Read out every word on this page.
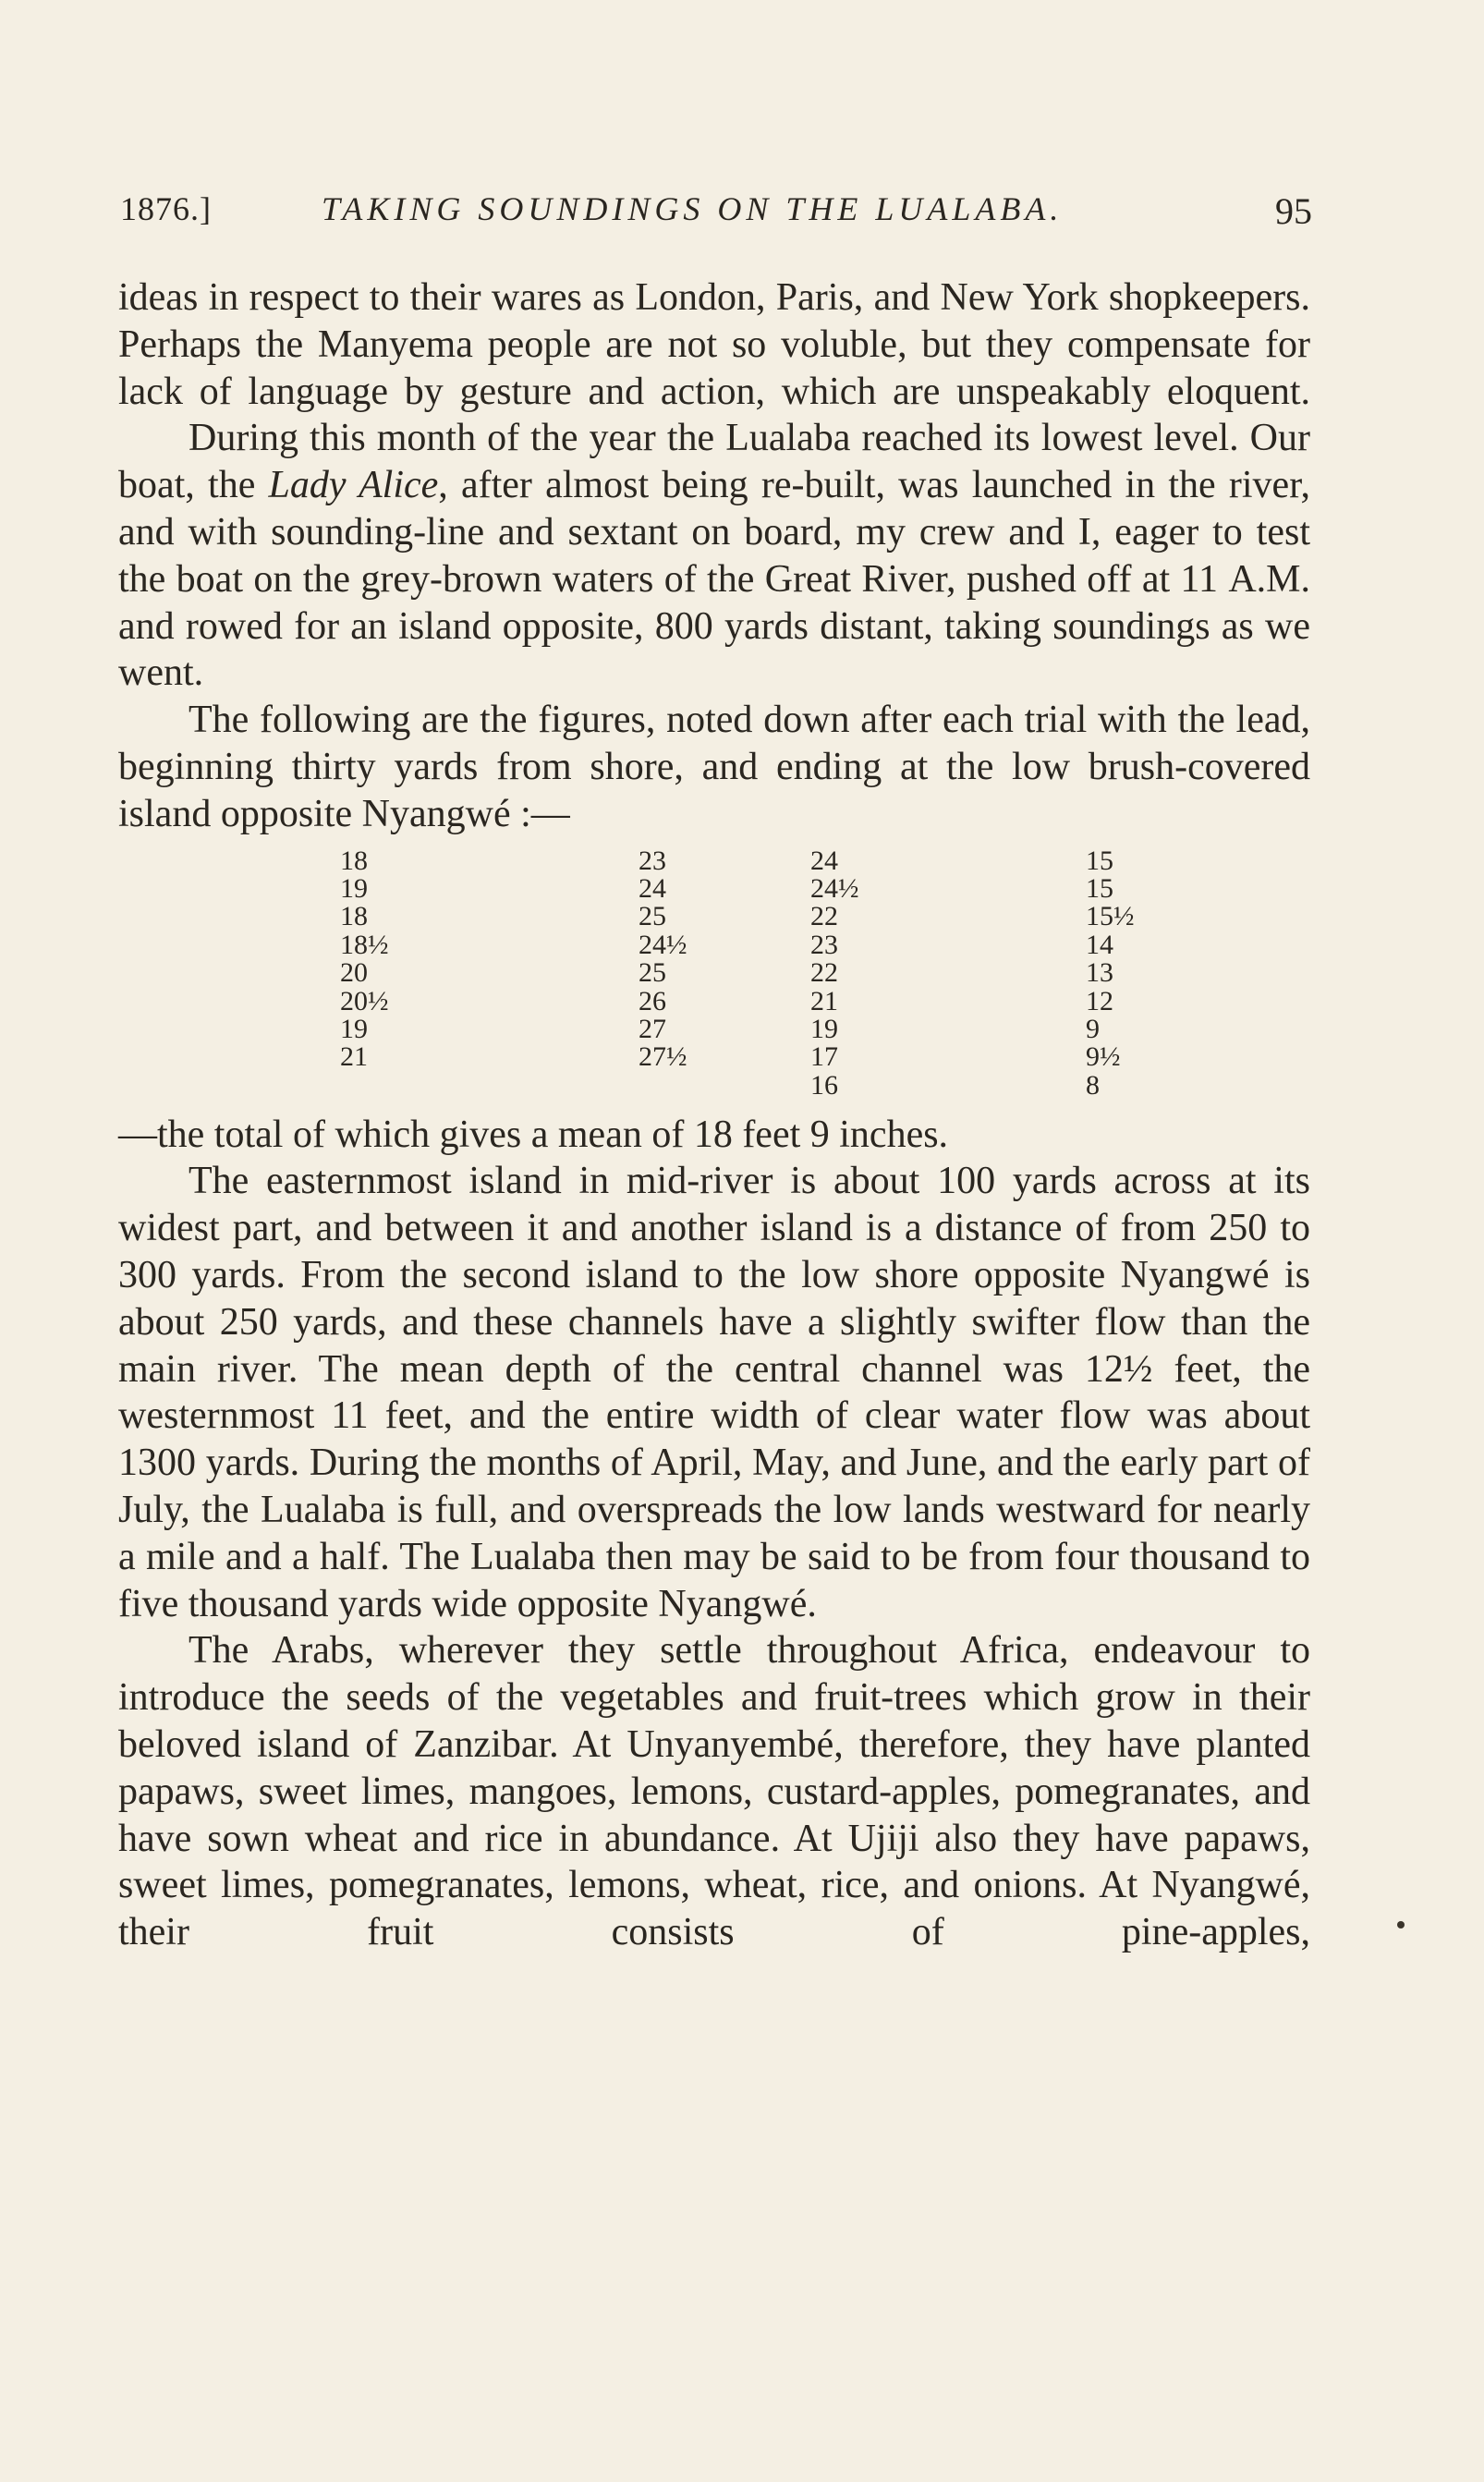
1876.]	TAKING SOUNDINGS ON THE LUALABA.	95

ideas in respect to their wares as London, Paris, and New York shopkeepers. Perhaps the Manyema people are not so voluble, but they compensate for lack of language by gesture and action, which are unspeakably eloquent.

During this month of the year the Lualaba reached its lowest level. Our boat, the Lady Alice, after almost being re-built, was launched in the river, and with sounding-line and sextant on board, my crew and I, eager to test the boat on the grey-brown waters of the Great River, pushed off at 11 A.M. and rowed for an island opposite, 800 yards distant, taking soundings as we went.

The following are the figures, noted down after each trial with the lead, beginning thirty yards from shore, and ending at the low brush-covered island opposite Nyangwé :—

18
19
18
18½
20
20½
19
21
23
24
25
24½
25
26
27
27½
24
24½
22
23
22
21
19
17
16
15
15
15½
14
13
12
9
9½
8

—the total of which gives a mean of 18 feet 9 inches.

The easternmost island in mid-river is about 100 yards across at its widest part, and between it and another island is a distance of from 250 to 300 yards. From the second island to the low shore opposite Nyangwé is about 250 yards, and these channels have a slightly swifter flow than the main river. The mean depth of the central channel was 12½ feet, the westernmost 11 feet, and the entire width of clear water flow was about 1300 yards. During the months of April, May, and June, and the early part of July, the Lualaba is full, and overspreads the low lands westward for nearly a mile and a half. The Lualaba then may be said to be from four thousand to five thousand yards wide opposite Nyangwé.

The Arabs, wherever they settle throughout Africa, endeavour to introduce the seeds of the vegetables and fruit-trees which grow in their beloved island of Zanzibar. At Unyanyembé, therefore, they have planted papaws, sweet limes, mangoes, lemons, custard-apples, pomegranates, and have sown wheat and rice in abundance. At Ujiji also they have papaws, sweet limes, pomegranates, lemons, wheat, rice, and onions. At Nyangwé, their fruit consists of pine-apples,
